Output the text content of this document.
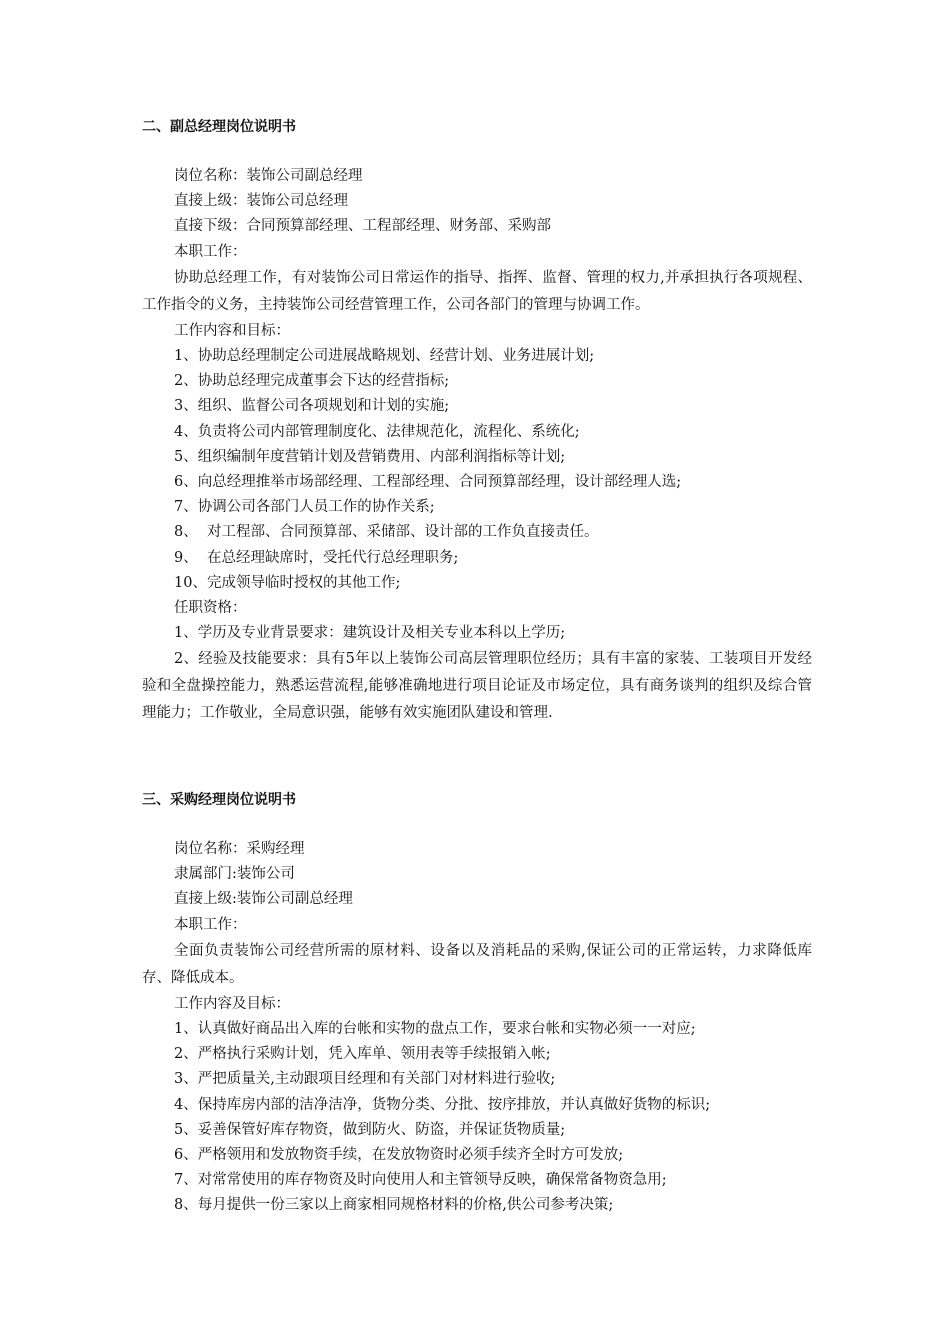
二、副总经理岗位说明书

岗位名称：装饰公司副总经理

直接上级：装饰公司总经理

直接下级：合同预算部经理、工程部经理、财务部、采购部

本职工作：

协助总经理工作，有对装饰公司日常运作的指导、指挥、监督、管理的权力,并承担执行各项规程、工作指令的义务，主持装饰公司经营管理工作，公司各部门的管理与协调工作。

工作内容和目标：

1、协助总经理制定公司进展战略规划、经营计划、业务进展计划;

2、协助总经理完成董事会下达的经营指标;

3、组织、监督公司各项规划和计划的实施;

4、负责将公司内部管理制度化、法律规范化，流程化、系统化;

5、组织编制年度营销计划及营销费用、内部利润指标等计划;

6、向总经理推举市场部经理、工程部经理、合同预算部经理，设计部经理人选;

7、协调公司各部门人员工作的协作关系;

8、  对工程部、合同预算部、采储部、设计部的工作负直接责任。

9、  在总经理缺席时，受托代行总经理职务;

10、完成领导临时授权的其他工作;

任职资格：

1、学历及专业背景要求：建筑设计及相关专业本科以上学历;

2、经验及技能要求：具有5年以上装饰公司高层管理职位经历；具有丰富的家装、工装项目开发经验和全盘操控能力，熟悉运营流程,能够准确地进行项目论证及市场定位，具有商务谈判的组织及综合管理能力；工作敬业，全局意识强，能够有效实施团队建设和管理.

三、采购经理岗位说明书

岗位名称：采购经理

隶属部门:装饰公司

直接上级:装饰公司副总经理

本职工作：

全面负责装饰公司经营所需的原材料、设备以及消耗品的采购,保证公司的正常运转，力求降低库存、降低成本。

工作内容及目标：

1、认真做好商品出入库的台帐和实物的盘点工作，要求台帐和实物必须一一对应;

2、严格执行采购计划，凭入库单、领用表等手续报销入帐;

3、严把质量关,主动跟项目经理和有关部门对材料进行验收;

4、保持库房内部的洁净洁净，货物分类、分批、按序排放，并认真做好货物的标识;

5、妥善保管好库存物资，做到防火、防盗，并保证货物质量;

6、严格领用和发放物资手续，在发放物资时必须手续齐全时方可发放;

7、对常常使用的库存物资及时向使用人和主管领导反映，确保常备物资急用;

8、每月提供一份三家以上商家相同规格材料的价格,供公司参考决策;
